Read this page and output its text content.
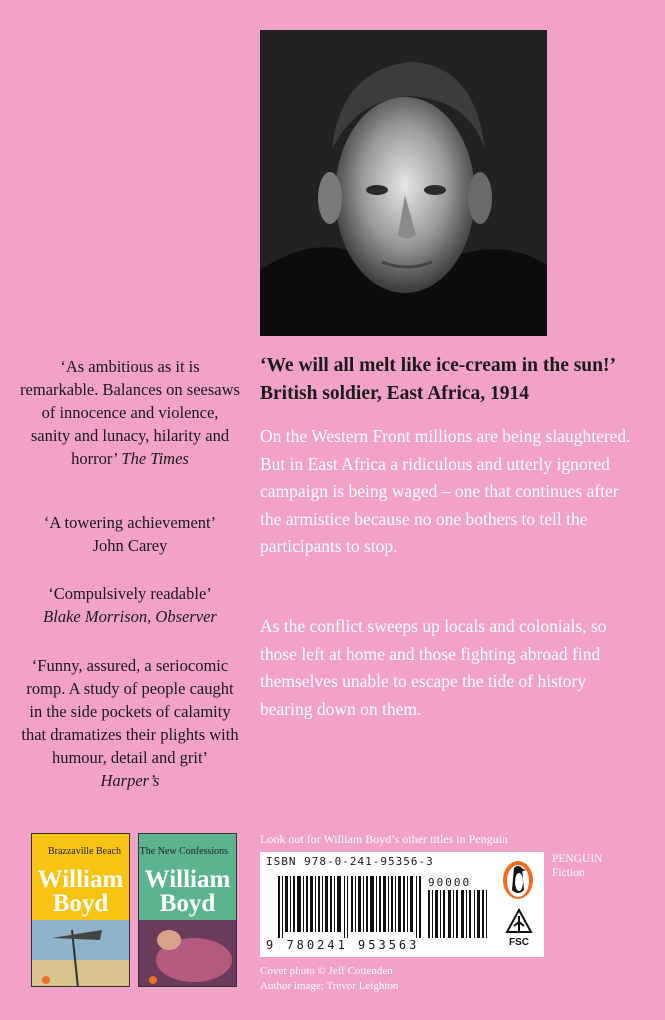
‘As ambitious as it is remarkable. Balances on seesaws of innocence and violence, sanity and lunacy, hilarity and horror’ The Times
‘A towering achievement’
John Carey
‘Compulsively readable’
Blake Morrison, Observer
‘Funny, assured, a seriocomic romp. A study of people caught in the side pockets of calamity that dramatizes their plights with humour, detail and grit’
Harper’s
‘We will all melt like ice-cream in the sun!’
British soldier, East Africa, 1914
On the Western Front millions are being slaughtered. But in East Africa a ridiculous and utterly ignored campaign is being waged – one that continues after the armistice because no one bothers to tell the participants to stop.
As the conflict sweeps up locals and colonials, so those left at home and those fighting abroad find themselves unable to escape the tide of history bearing down on them.
Brazzaville Beach
William
Boyd
The New Confessions
William
Boyd
Look out for William Boyd’s other titles in Penguin
ISBN 978-0-241-95356-3
90000
9 780241 953563	FSC
PENGUIN
Fiction
Cover photo © Jeff Cottenden
Author image: Trevor Leighton
